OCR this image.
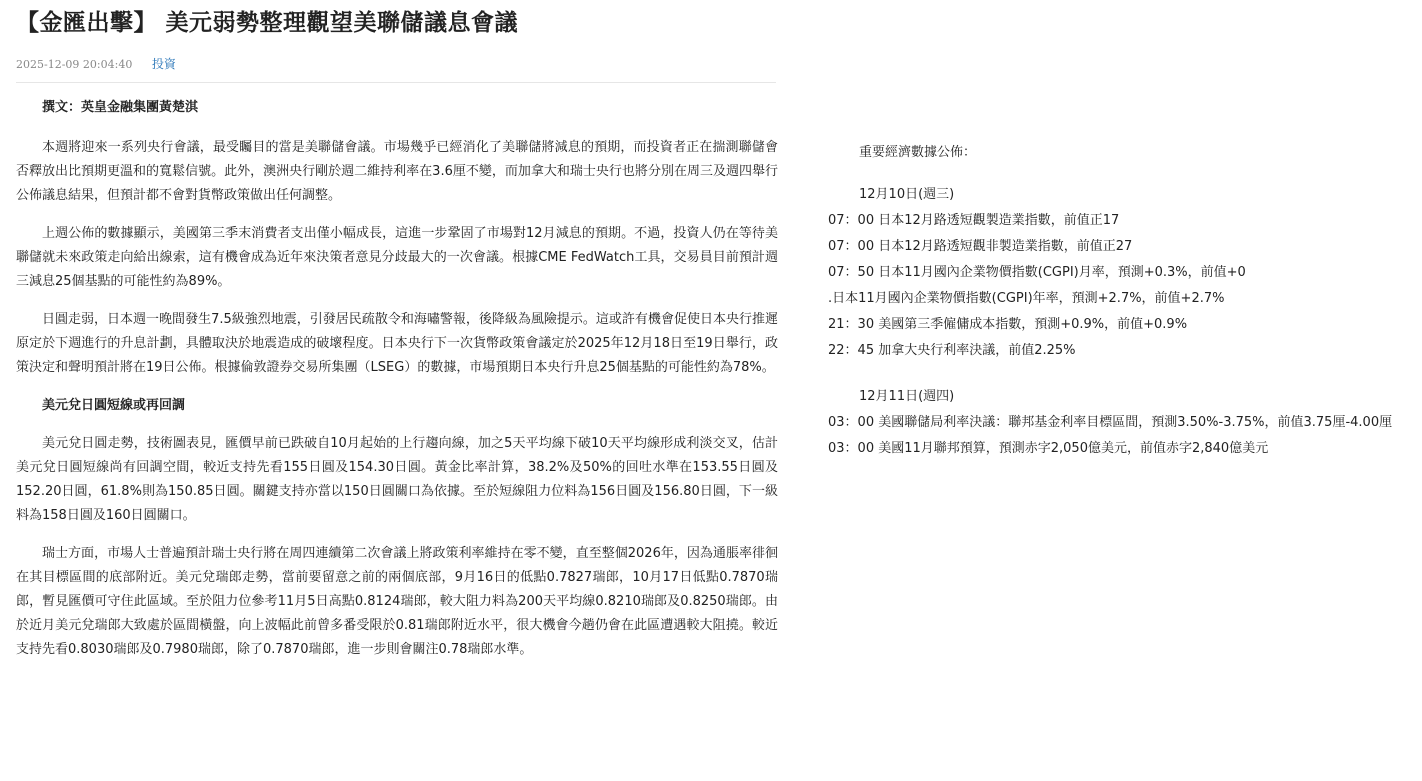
【金匯出擊】 美元弱勢整理觀望美聯儲議息會議
2025-12-09 20:04:40 投資

撰文：英皇金融集團黃楚淇

本週將迎來一系列央行會議，最受矚目的當是美聯儲會議。市場幾乎已經消化了美聯儲將減息的預期，而投資者正在揣測聯儲會否釋放出比預期更溫和的寬鬆信號。此外，澳洲央行剛於週二維持利率在3.6厘不變，而加拿大和瑞士央行也將分別在周三及週四舉行公佈議息結果，但預計都不會對貨幣政策做出任何調整。

上週公佈的數據顯示，美國第三季末消費者支出僅小幅成長，這進一步鞏固了市場對12月減息的預期。不過，投資人仍在等待美聯儲就未來政策走向給出線索，這有機會成為近年來決策者意見分歧最大的一次會議。根據CME FedWatch工具，交易員目前預計週三減息25個基點的可能性約為89%。

日圓走弱，日本週一晚間發生7.5級強烈地震，引發居民疏散令和海嘯警報，後降級為風險提示。這或許有機會促使日本央行推遲原定於下週進行的升息計劃，具體取決於地震造成的破壞程度。日本央行下一次貨幣政策會議定於2025年12月18日至19日舉行，政策決定和聲明預計將在19日公佈。根據倫敦證券交易所集團（LSEG）的數據，市場預期日本央行升息25個基點的可能性約為78%。

美元兌日圓短線或再回調

美元兌日圓走勢，技術圖表見，匯價早前已跌破自10月起始的上行趨向線，加之5天平均線下破10天平均線形成利淡交叉，估計美元兌日圓短線尚有回調空間，較近支持先看155日圓及154.30日圓。黃金比率計算，38.2%及50%的回吐水準在153.55日圓及152.20日圓，61.8%則為150.85日圓。關鍵支持亦當以150日圓關口為依據。至於短線阻力位料為156日圓及156.80日圓，下一級料為158日圓及160日圓關口。

瑞士方面，市場人士普遍預計瑞士央行將在周四連續第二次會議上將政策利率維持在零不變，直至整個2026年，因為通脹率徘徊在其目標區間的底部附近。美元兌瑞郎走勢，當前要留意之前的兩個底部，9月16日的低點0.7827瑞郎，10月17日低點0.7870瑞郎，暫見匯價可守住此區域。至於阻力位參考11月5日高點0.8124瑞郎，較大阻力料為200天平均線0.8210瑞郎及0.8250瑞郎。由於近月美元兌瑞郎大致處於區間橫盤，向上波幅此前曾多番受限於0.81瑞郎附近水平，很大機會今趟仍會在此區遭遇較大阻撓。較近支持先看0.8030瑞郎及0.7980瑞郎，除了0.7870瑞郎，進一步則會關注0.78瑞郎水準。

重要經濟數據公佈：
12月10日(週三)
07：00 日本12月路透短觀製造業指數，前值正17
07：00 日本12月路透短觀非製造業指數，前值正27
07：50 日本11月國內企業物價指數(CGPI)月率，預測+0.3%，前值+0
.日本11月國內企業物價指數(CGPI)年率，預測+2.7%，前值+2.7%
21：30 美國第三季僱傭成本指數，預測+0.9%，前值+0.9%
22：45 加拿大央行利率決議，前值2.25%
12月11日(週四)
03：00 美國聯儲局利率決議：聯邦基金利率目標區間，預測3.50%-3.75%，前值3.75厘-4.00厘
03：00 美國11月聯邦預算，預測赤字2,050億美元，前值赤字2,840億美元
